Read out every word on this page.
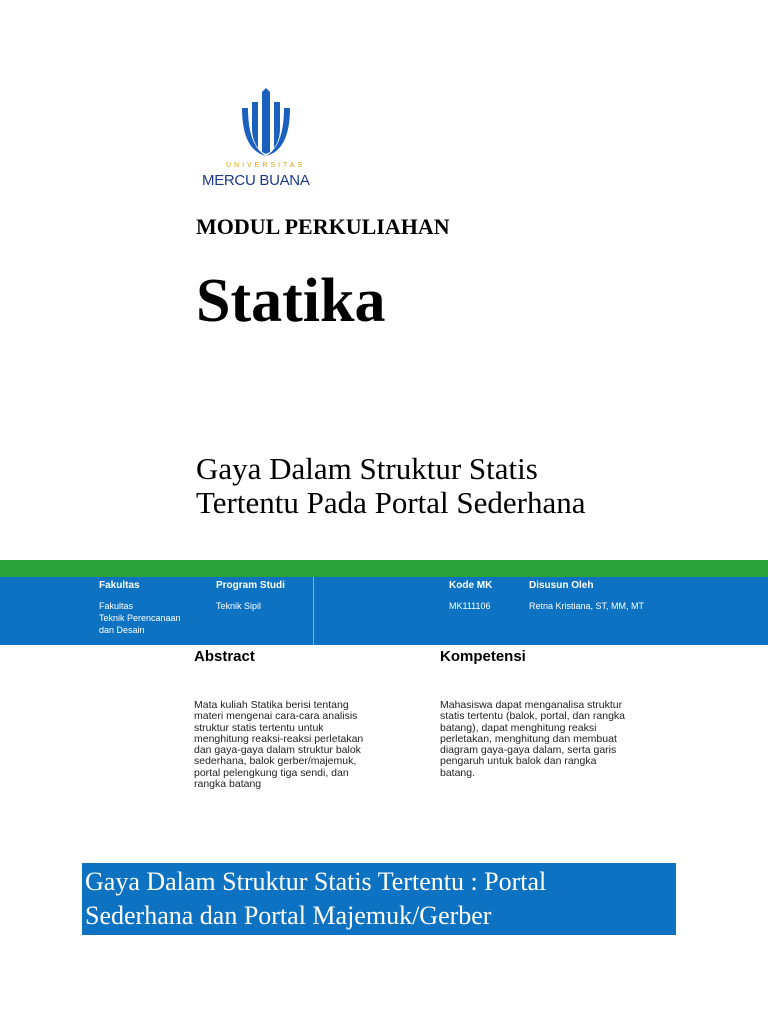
UNIVERSITAS
MERCU BUANA
MODUL PERKULIAHAN
Statika
Gaya Dalam Struktur Statis
Tertentu Pada Portal Sederhana
Fakultas
Fakultas
Teknik Perencanaan
dan Desain
Program Studi
Teknik Sipil
Kode MK
MK111106
Disusun Oleh
Retna Kristiana, ST, MM, MT
Abstract
Mata kuliah Statika berisi tentang
materi mengenai cara-cara analisis
struktur statis tertentu untuk
menghitung reaksi-reaksi perletakan
dan gaya-gaya dalam struktur balok
sederhana, balok gerber/majemuk,
portal pelengkung tiga sendi, dan
rangka batang
Kompetensi
Mahasiswa dapat menganalisa struktur
statis tertentu (balok, portal, dan rangka
batang), dapat menghitung reaksi
perletakan, menghitung dan membuat
diagram gaya-gaya dalam, serta garis
pengaruh untuk balok dan rangka
batang.
Gaya Dalam Struktur Statis Tertentu : Portal
Sederhana dan Portal Majemuk/Gerber
